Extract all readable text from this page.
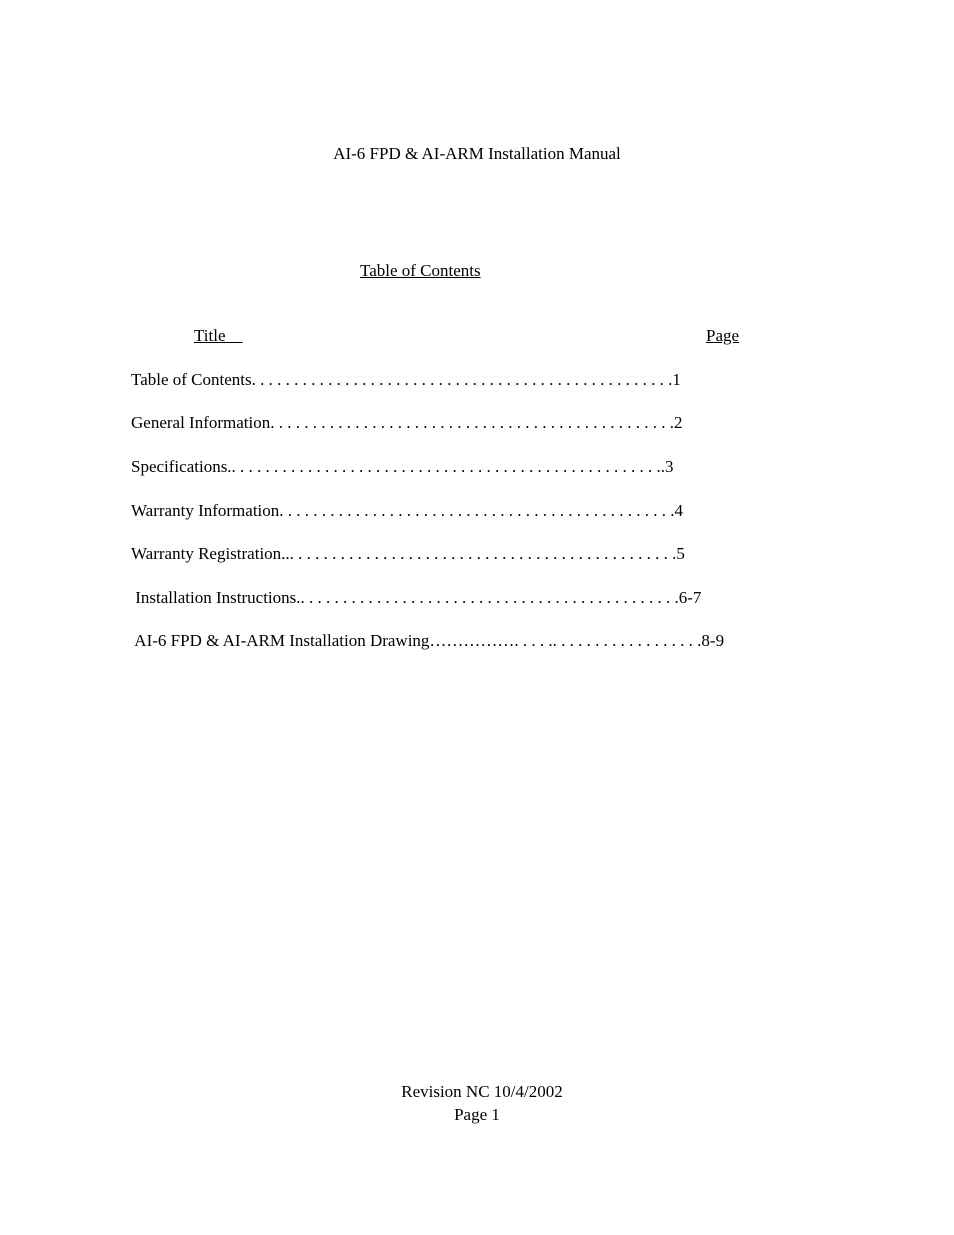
AI-6 FPD & AI-ARM Installation Manual
Table of Contents
Title	Page
Table of Contents. . . . . . . . . . . . . . . . . . . . . . . . . . . . . . . . . . . . . . . . . . . . . . . . . .1
General Information. . . . . . . . . . . . . . . . . . . . . . . . . . . . . . . . . . . . . . . . . . . . . . . .2
Specifications.. . . . . . . . . . . . . . . . . . . . . . . . . . . . . . . . . . . . . . . . . . . . . . . . . . ..3
Warranty Information. . . . . . . . . . . . . . . . . . . . . . . . . . . . . . . . . . . . . . . . . . . . . . .4
Warranty Registration... . . . . . . . . . . . . . . . . . . . . . . . . . . . . . . . . . . . . . . . . . . . . .5
Installation Instructions.. . . . . . . . . . . . . . . . . . . . . . . . . . . . . . . . . . . . . . . . . . . . .6-7
AI-6 FPD & AI-ARM Installation Drawing……………. . . . .. . . . . . . . . . . . . . . . . .8-9
Revision NC 10/4/2002
Page 1
